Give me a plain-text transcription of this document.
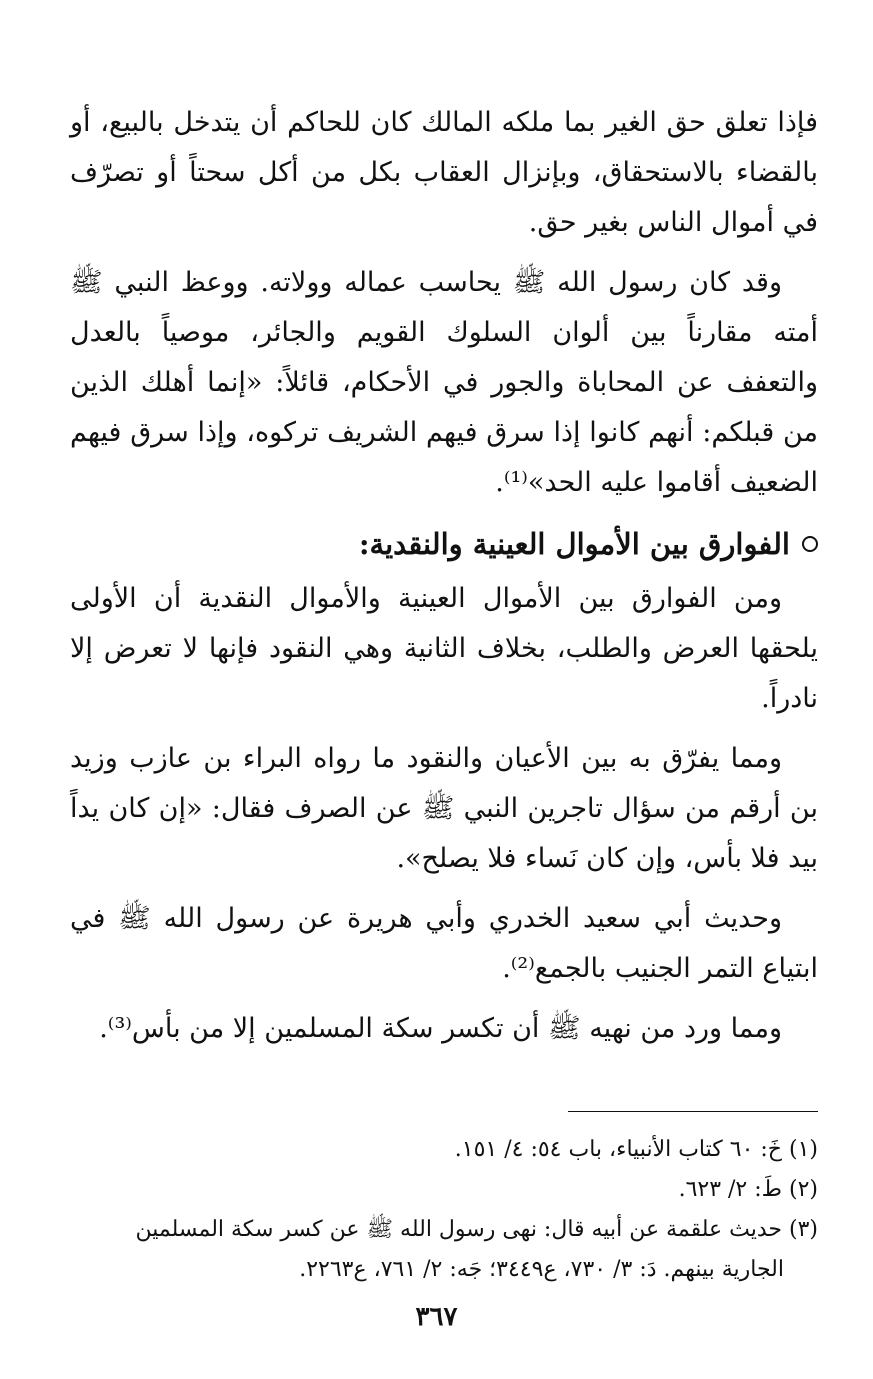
فإذا تعلق حق الغير بما ملكه المالك كان للحاكم أن يتدخل بالبيع، أو بالقضاء بالاستحقاق، وبإنزال العقاب بكل من أكل سحتاً أو تصرّف في أموال الناس بغير حق.

وقد كان رسول الله ﷺ يحاسب عماله وولاته. ووعظ النبي ﷺ أمته مقارناً بين ألوان السلوك القويم والجائر، موصياً بالعدل والتعفف عن المحاباة والجور في الأحكام، قائلاً: «إنما أهلك الذين من قبلكم: أنهم كانوا إذا سرق فيهم الشريف تركوه، وإذا سرق فيهم الضعيف أقاموا عليه الحد»⁽¹⁾.

الفوارق بين الأموال العينية والنقدية:

ومن الفوارق بين الأموال العينية والأموال النقدية أن الأولى يلحقها العرض والطلب، بخلاف الثانية وهي النقود فإنها لا تعرض إلا نادراً.

ومما يفرّق به بين الأعيان والنقود ما رواه البراء بن عازب وزيد بن أرقم من سؤال تاجرين النبي ﷺ عن الصرف فقال: «إن كان يداً بيد فلا بأس، وإن كان نَساء فلا يصلح».

وحديث أبي سعيد الخدري وأبي هريرة عن رسول الله ﷺ في ابتياع التمر الجنيب بالجمع⁽²⁾.

ومما ورد من نهيه ﷺ أن تكسر سكة المسلمين إلا من بأس⁽³⁾.

(١) خَ: ٦٠ كتاب الأنبياء، باب ٥٤: ٤/ ١٥١.

(٢) طَ: ٢/ ٦٢٣.

(٣) حديث علقمة عن أبيه قال: نهى رسول الله ﷺ عن كسر سكة المسلمين

الجارية بينهم. دَ: ٣/ ٧٣٠، ع٣٤٤٩؛ جَه: ٢/ ٧٦١، ع٢٢٦٣.

٣٦٧
